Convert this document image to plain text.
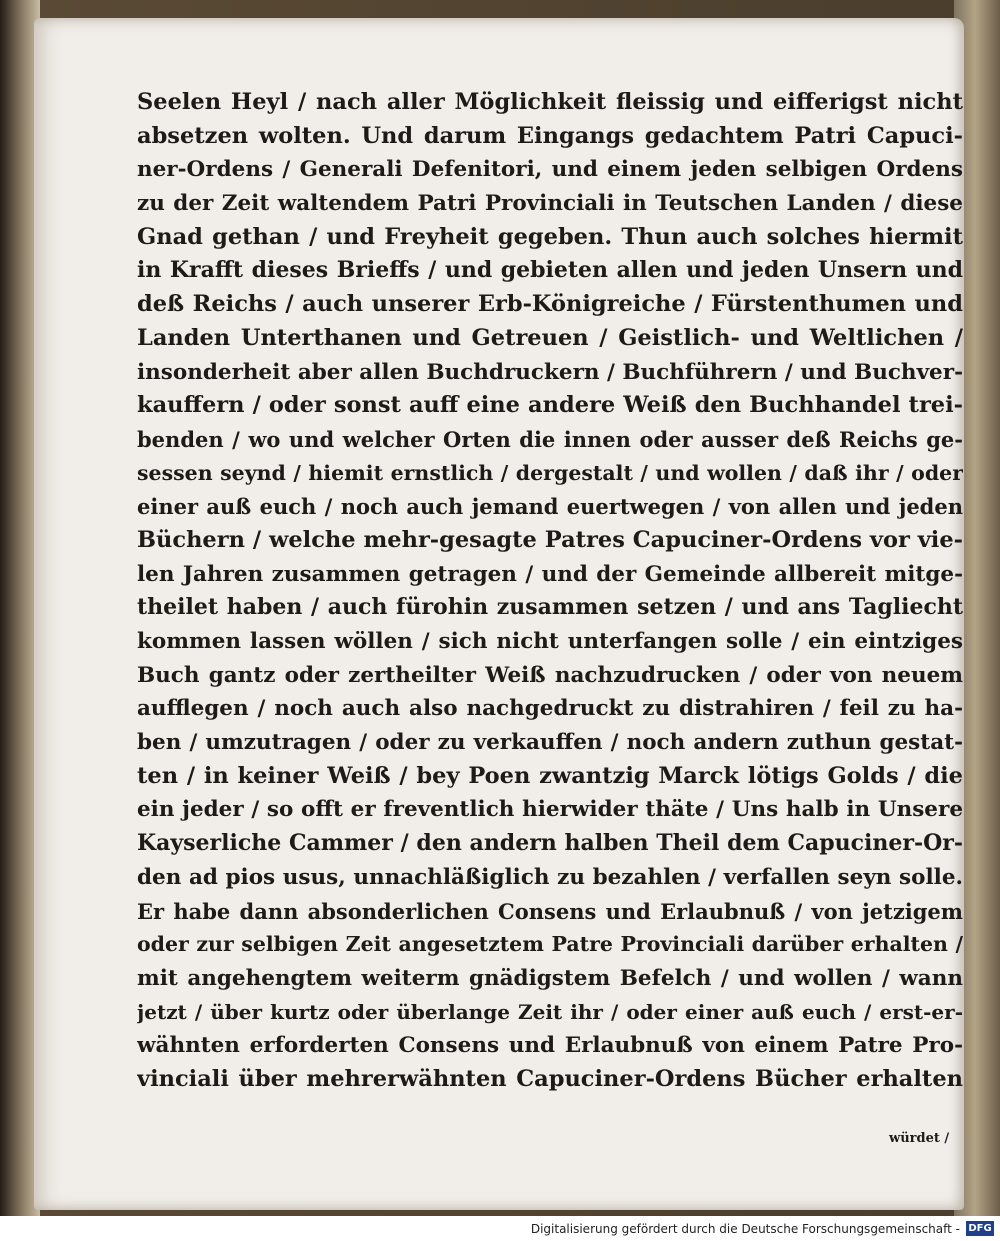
Seelen Heyl / nach aller Möglichkeit fleissig und eifferigst nicht
absetzen wolten. Und darum Eingangs gedachtem Patri Capuci-
ner-Ordens / Generali Defenitori, und einem jeden selbigen Ordens
zu der Zeit waltendem Patri Provinciali in Teutschen Landen / diese
Gnad gethan / und Freyheit gegeben. Thun auch solches hiermit
in Krafft dieses Brieffs / und gebieten allen und jeden Unsern und
deß Reichs / auch unserer Erb-Königreiche / Fürstenthumen und
Landen Unterthanen und Getreuen / Geistlich- und Weltlichen /
insonderheit aber allen Buchdruckern / Buchführern / und Buchver-
kauffern / oder sonst auff eine andere Weiß den Buchhandel trei-
benden / wo und welcher Orten die innen oder ausser deß Reichs ge-
sessen seynd / hiemit ernstlich / dergestalt / und wollen / daß ihr / oder
einer auß euch / noch auch jemand euertwegen / von allen und jeden
Büchern / welche mehr-gesagte Patres Capuciner-Ordens vor vie-
len Jahren zusammen getragen / und der Gemeinde allbereit mitge-
theilet haben / auch fürohin zusammen setzen / und ans Tagliecht
kommen lassen wöllen / sich nicht unterfangen solle / ein eintziges
Buch gantz oder zertheilter Weiß nachzudrucken / oder von neuem
aufflegen / noch auch also nachgedruckt zu distrahiren / feil zu ha-
ben / umzutragen / oder zu verkauffen / noch andern zuthun gestat-
ten / in keiner Weiß / bey Poen zwantzig Marck lötigs Golds / die
ein jeder / so offt er freventlich hierwider thäte / Uns halb in Unsere
Kayserliche Cammer / den andern halben Theil dem Capuciner-Or-
den ad pios usus, unnachläßiglich zu bezahlen / verfallen seyn solle.
Er habe dann absonderlichen Consens und Erlaubnuß / von jetzigem
oder zur selbigen Zeit angesetztem Patre Provinciali darüber erhalten /
mit angehengtem weiterm gnädigstem Befelch / und wollen / wann
jetzt / über kurtz oder überlange Zeit ihr / oder einer auß euch / erst-er-
wähnten erforderten Consens und Erlaubnuß von einem Patre Pro-
vinciali über mehrerwähnten Capuciner-Ordens Bücher erhalten
würdet /
Digitalisierung gefördert durch die Deutsche Forschungsgemeinschaft - DFG
